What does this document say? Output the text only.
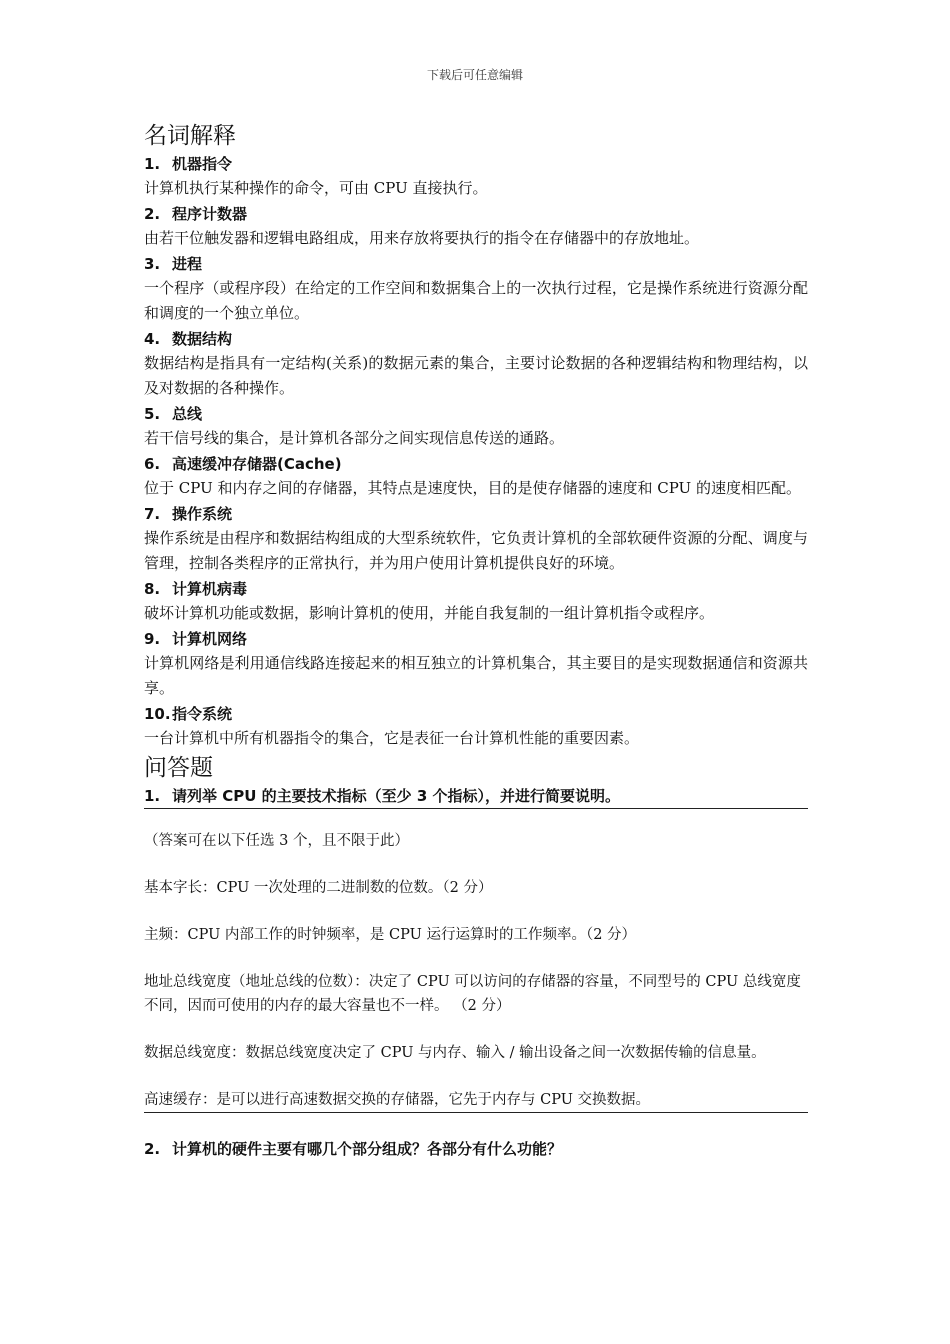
下载后可任意编辑
名词解释
1. 机器指令

计算机执行某种操作的命令，可由 CPU 直接执行。

2. 程序计数器

由若干位触发器和逻辑电路组成，用来存放将要执行的指令在存储器中的存放地址。

3. 进程

一个程序（或程序段）在给定的工作空间和数据集合上的一次执行过程，它是操作系统进行资源分配和调度的一个独立单位。

4. 数据结构

数据结构是指具有一定结构(关系)的数据元素的集合，主要讨论数据的各种逻辑结构和物理结构，以及对数据的各种操作。

5. 总线

若干信号线的集合，是计算机各部分之间实现信息传送的通路。

6. 高速缓冲存储器(Cache)

位于 CPU 和内存之间的存储器，其特点是速度快，目的是使存储器的速度和 CPU 的速度相匹配。

7. 操作系统

操作系统是由程序和数据结构组成的大型系统软件，它负责计算机的全部软硬件资源的分配、调度与管理，控制各类程序的正常执行，并为用户使用计算机提供良好的环境。

8. 计算机病毒

破坏计算机功能或数据，影响计算机的使用，并能自我复制的一组计算机指令或程序。

9. 计算机网络

计算机网络是利用通信线路连接起来的相互独立的计算机集合，其主要目的是实现数据通信和资源共享。

10. 指令系统

一台计算机中所有机器指令的集合，它是表征一台计算机性能的重要因素。

问答题
1. 请列举 CPU 的主要技术指标（至少 3 个指标），并进行简要说明。

（答案可在以下任选 3 个，且不限于此）

基本字长：CPU 一次处理的二进制数的位数。（2 分）

主频：CPU 内部工作的时钟频率，是 CPU 运行运算时的工作频率。（2 分）

地址总线宽度（地址总线的位数）：决定了 CPU 可以访问的存储器的容量，不同型号的 CPU 总线宽度不同，因而可使用的内存的最大容量也不一样。 （2 分）

数据总线宽度：数据总线宽度决定了 CPU 与内存、输入 / 输出设备之间一次数据传输的信息量。

高速缓存：是可以进行高速数据交换的存储器，它先于内存与 CPU 交换数据。

2. 计算机的硬件主要有哪几个部分组成？各部分有什么功能？
